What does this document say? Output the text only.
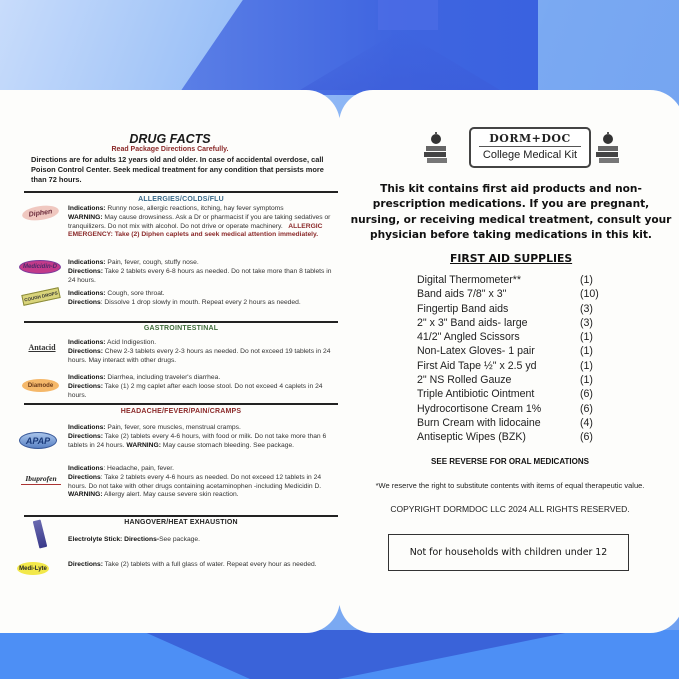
DRUG FACTS
Read Package Directions Carefully.
Directions are for adults 12 years old and older. In case of accidental overdose, call Poison Control Center. Seek medical treatment for any condition that persists more than 72 hours.
ALLERGIES/COLDS/FLU
Diphen Indications: Runny nose, allergic reactions, itching, hay fever symptoms
WARNING: May cause drowsiness. Ask a Dr or pharmacist if you are taking sedatives or tranquilizers. Do not mix with alcohol. Do not drive or operate machinery. ALLERGIC EMERGENCY: Take (2) Diphen caplets and seek medical attention immediately.
Medicidin-D
Indications: Pain, fever, cough, stuffy nose.
Directions: Take 2 tablets every 6-8 hours as needed. Do not take more than 8 tablets in 24 hours.
COUGH DROPS Indications: Cough, sore throat.
Directions: Dissolve 1 drop slowly in mouth. Repeat every 2 hours as needed.
GASTROINTESTINAL
Antacid Indications: Acid Indigestion.
Directions: Chew 2-3 tablets every 2-3 hours as needed. Do not exceed 19 tablets in 24 hours. May interact with other drugs.
Diamode
Indications: Diarrhea, including traveler's diarrhea.
Directions: Take (1) 2 mg caplet after each loose stool. Do not exceed 4 caplets in 24 hours.
HEADACHE/FEVER/PAIN/CRAMPS
APAP
Indications: Pain, fever, sore muscles, menstrual cramps.
Directions: Take (2) tablets every 4-6 hours, with food or milk. Do not take more than 6 tablets in 24 hours. WARNING: May cause stomach bleeding. See package.
Ibuprofen
Indications: Headache, pain, fever.
Directions: Take 2 tablets every 4-6 hours as needed. Do not exceed 12 tablets in 24 hours. Do not take with other drugs containing acetaminophen -including Medicidin D. WARNING: Allergy alert. May cause severe skin reaction.
HANGOVER/HEAT EXHAUSTION
Electrolyte Stick: Directions-See package.
Medi-Lyte
Directions: Take (2) tablets with a full glass of water. Repeat every hour as needed.
DORM+DOC
College Medical Kit
This kit contains first aid products and non- prescription medications. If you are pregnant, nursing, or receiving medical treatment, consult your physician before taking medications in this kit.
FIRST AID SUPPLIES
Digital Thermometer**	(1)
Band aids 7/8" x 3"	(10)
Fingertip Band aids	(3)
2" x 3" Band aids- large	(3)
41/2" Angled Scissors	(1)
Non-Latex Gloves- 1 pair	(1)
First Aid Tape ½" x 2.5 yd	(1)
2" NS Rolled Gauze	(1)
Triple Antibiotic Ointment	(6)
Hydrocortisone Cream 1%	(6)
Burn Cream with lidocaine	(4)
Antiseptic Wipes (BZK)	(6)
SEE REVERSE FOR ORAL MEDICATIONS
*We reserve the right to substitute contents with items of equal therapeutic value.
COPYRIGHT DORMDOC LLC 2024 ALL RIGHTS RESERVED.
Not for households with children under 12
